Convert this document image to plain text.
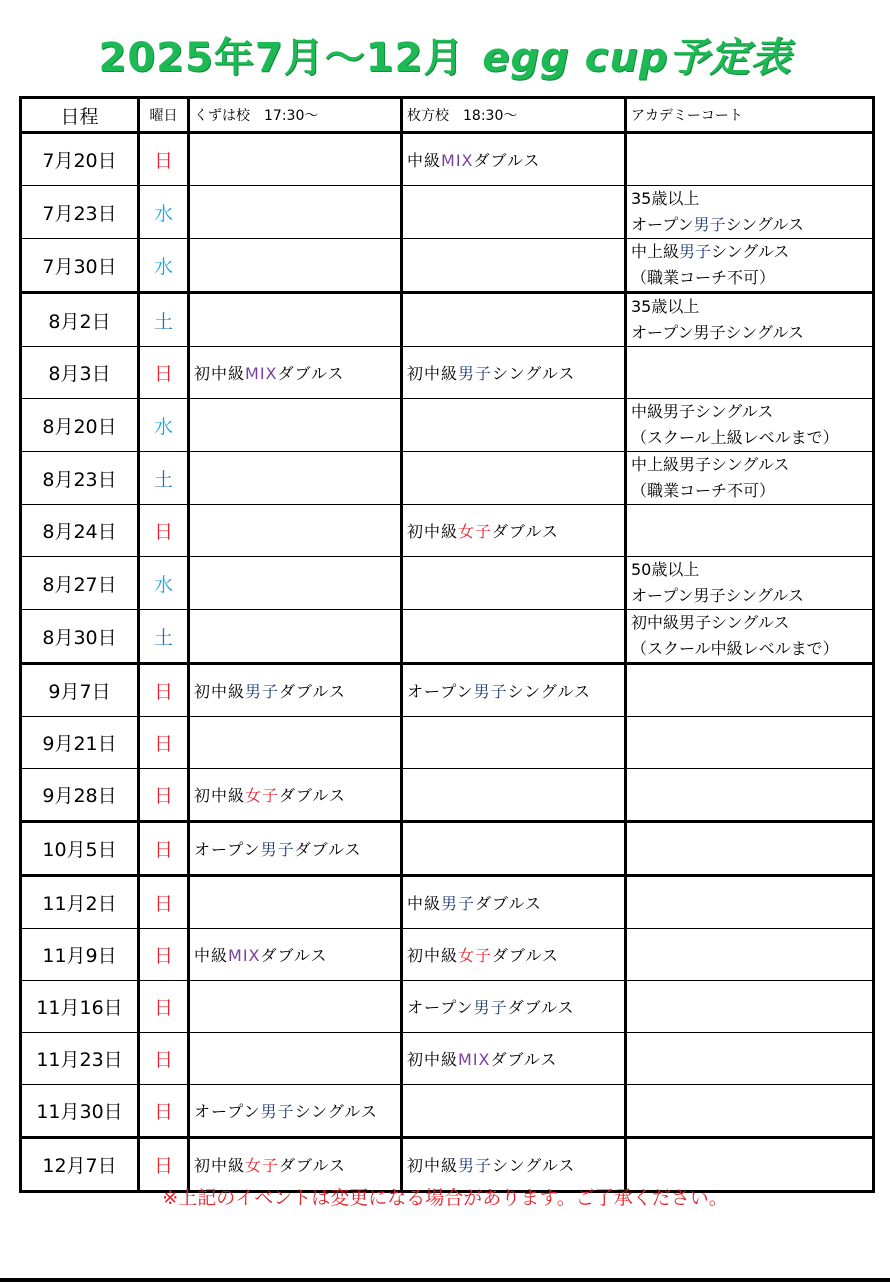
2025年7月～12月 egg cup予定表
日程	曜日	くずは校　17:30～	枚方校　18:30～	アカデミーコート
7月20日	日		中級MIXダブルス	
7月23日	水			35歳以上
オープン男子シングルス

7月30日	水			中上級男子シングルス
（職業コーチ不可）

8月2日	土			35歳以上
オープン男子シングルス

8月3日	日	初中級MIXダブルス	初中級男子シングルス	
8月20日	水			中級男子シングルス
（スクール上級レベルまで）

8月23日	土			中上級男子シングルス
（職業コーチ不可）

8月24日	日		初中級女子ダブルス	
8月27日	水			50歳以上
オープン男子シングルス

8月30日	土			初中級男子シングルス
（スクール中級レベルまで）

9月7日	日	初中級男子ダブルス	オープン男子シングルス	
9月21日	日			
9月28日	日	初中級女子ダブルス		
10月5日	日	オープン男子ダブルス		
11月2日	日		中級男子ダブルス	
11月9日	日	中級MIXダブルス	初中級女子ダブルス	
11月16日	日		オープン男子ダブルス	
11月23日	日		初中級MIXダブルス	
11月30日	日	オープン男子シングルス		
12月7日	日	初中級女子ダブルス	初中級男子シングルス	
※上記のイベントは変更になる場合があります。ご了承ください。
